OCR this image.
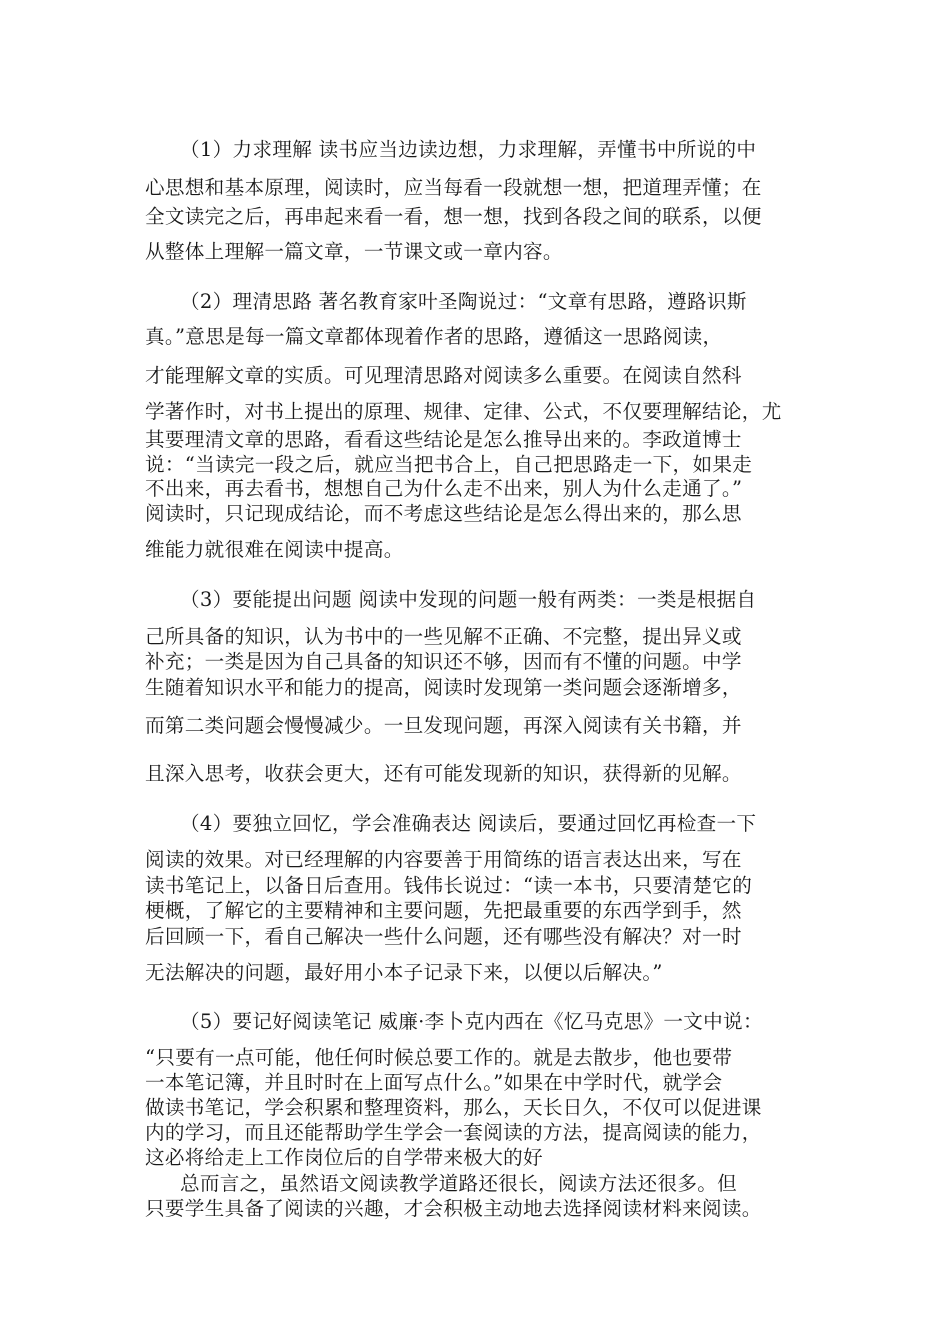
（1）力求理解 读书应当边读边想，力求理解，弄懂书中所说的中
心思想和基本原理，阅读时，应当每看一段就想一想，把道理弄懂；在
全文读完之后，再串起来看一看，想一想，找到各段之间的联系，以便
从整体上理解一篇文章，一节课文或一章内容。
（2）理清思路 著名教育家叶圣陶说过：“文章有思路，遵路识斯
真。”意思是每一篇文章都体现着作者的思路，遵循这一思路阅读，
才能理解文章的实质。可见理清思路对阅读多么重要。在阅读自然科
学著作时，对书上提出的原理、规律、定律、公式，不仅要理解结论，尤
其要理清文章的思路，看看这些结论是怎么推导出来的。李政道博士
说：“当读完一段之后，就应当把书合上，自己把思路走一下，如果走
不出来，再去看书，想想自己为什么走不出来，别人为什么走通了。”
阅读时，只记现成结论，而不考虑这些结论是怎么得出来的，那么思
维能力就很难在阅读中提高。
（3）要能提出问题 阅读中发现的问题一般有两类：一类是根据自
己所具备的知识，认为书中的一些见解不正确、不完整，提出异义或
补充；一类是因为自己具备的知识还不够，因而有不懂的问题。中学
生随着知识水平和能力的提高，阅读时发现第一类问题会逐渐增多，
而第二类问题会慢慢减少。一旦发现问题，再深入阅读有关书籍，并
且深入思考，收获会更大，还有可能发现新的知识，获得新的见解。
（4）要独立回忆，学会准确表达 阅读后，要通过回忆再检查一下
阅读的效果。对已经理解的内容要善于用简练的语言表达出来，写在
读书笔记上，以备日后查用。钱伟长说过：“读一本书，只要清楚它的
梗概，了解它的主要精神和主要问题，先把最重要的东西学到手，然
后回顾一下，看自己解决一些什么问题，还有哪些没有解决？对一时
无法解决的问题，最好用小本子记录下来，以便以后解决。”
（5）要记好阅读笔记 威廉·李卜克内西在《忆马克思》一文中说：
“只要有一点可能，他任何时候总要工作的。就是去散步，他也要带
一本笔记簿，并且时时在上面写点什么。”如果在中学时代，就学会
做读书笔记，学会积累和整理资料，那么，天长日久，不仅可以促进课
内的学习，而且还能帮助学生学会一套阅读的方法，提高阅读的能力，
这必将给走上工作岗位后的自学带来极大的好
总而言之，虽然语文阅读教学道路还很长，阅读方法还很多。但
只要学生具备了阅读的兴趣，才会积极主动地去选择阅读材料来阅读。
